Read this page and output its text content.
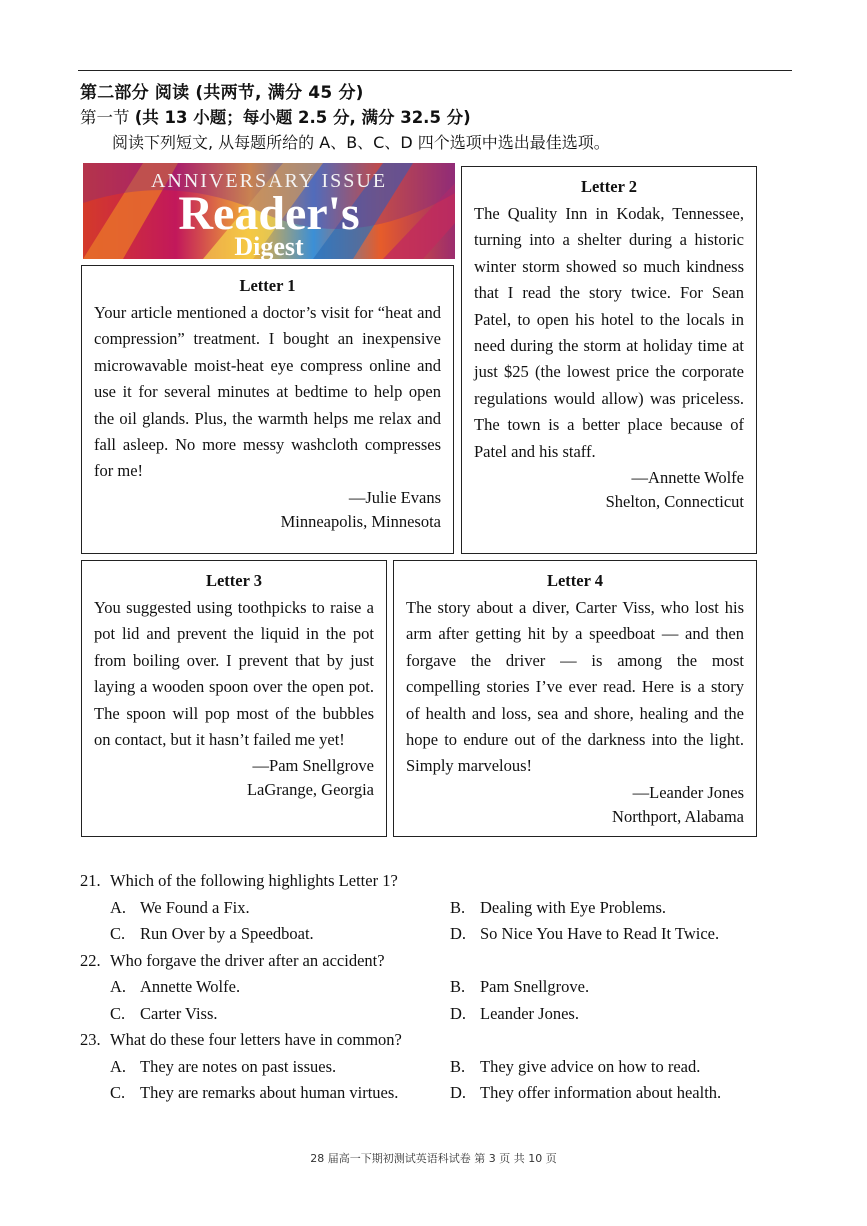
第二部分 阅读 (共两节, 满分 45 分)
第一节 (共 13 小题；每小题 2.5 分, 满分 32.5 分)
阅读下列短文, 从每题所给的 A、B、C、D 四个选项中选出最佳选项。
ANNIVERSARY ISSUE
Reader's
Digest
Letter 1
Your article mentioned a doctor’s visit for “heat and compression” treatment. I bought an inexpensive microwavable moist-heat eye compress online and use it for several minutes at bedtime to help open the oil glands. Plus, the warmth helps me relax and fall asleep. No more messy washcloth compresses for me!
—Julie Evans
Minneapolis, Minnesota
Letter 2
The Quality Inn in Kodak, Tennessee, turning into a shelter during a historic winter storm showed so much kindness that I read the story twice. For Sean Patel, to open his hotel to the locals in need during the storm at holiday time at just $25 (the lowest price the corporate regulations would allow) was priceless. The town is a better place because of Patel and his staff.
—Annette Wolfe
Shelton, Connecticut
Letter 3
You suggested using toothpicks to raise a pot lid and prevent the liquid in the pot from boiling over. I prevent that by just laying a wooden spoon over the open pot. The spoon will pop most of the bubbles on contact, but it hasn’t failed me yet!
—Pam Snellgrove
LaGrange, Georgia
Letter 4
The story about a diver, Carter Viss, who lost his arm after getting hit by a speedboat — and then forgave the driver — is among the most compelling stories I’ve ever read. Here is a story of health and loss, sea and shore, healing and the hope to endure out of the darkness into the light. Simply marvelous!
—Leander Jones
Northport, Alabama
21. Which of the following highlights Letter 1?
A. We Found a Fix.	B. Dealing with Eye Problems.
C. Run Over by a Speedboat.	D. So Nice You Have to Read It Twice.
22. Who forgave the driver after an accident?
A. Annette Wolfe.	B. Pam Snellgrove.
C. Carter Viss.	D. Leander Jones.
23. What do these four letters have in common?
A. They are notes on past issues.	B. They give advice on how to read.
C. They are remarks about human virtues.	D. They offer information about health.
28 届高一下期初测试英语科试卷 第 3 页 共 10 页
